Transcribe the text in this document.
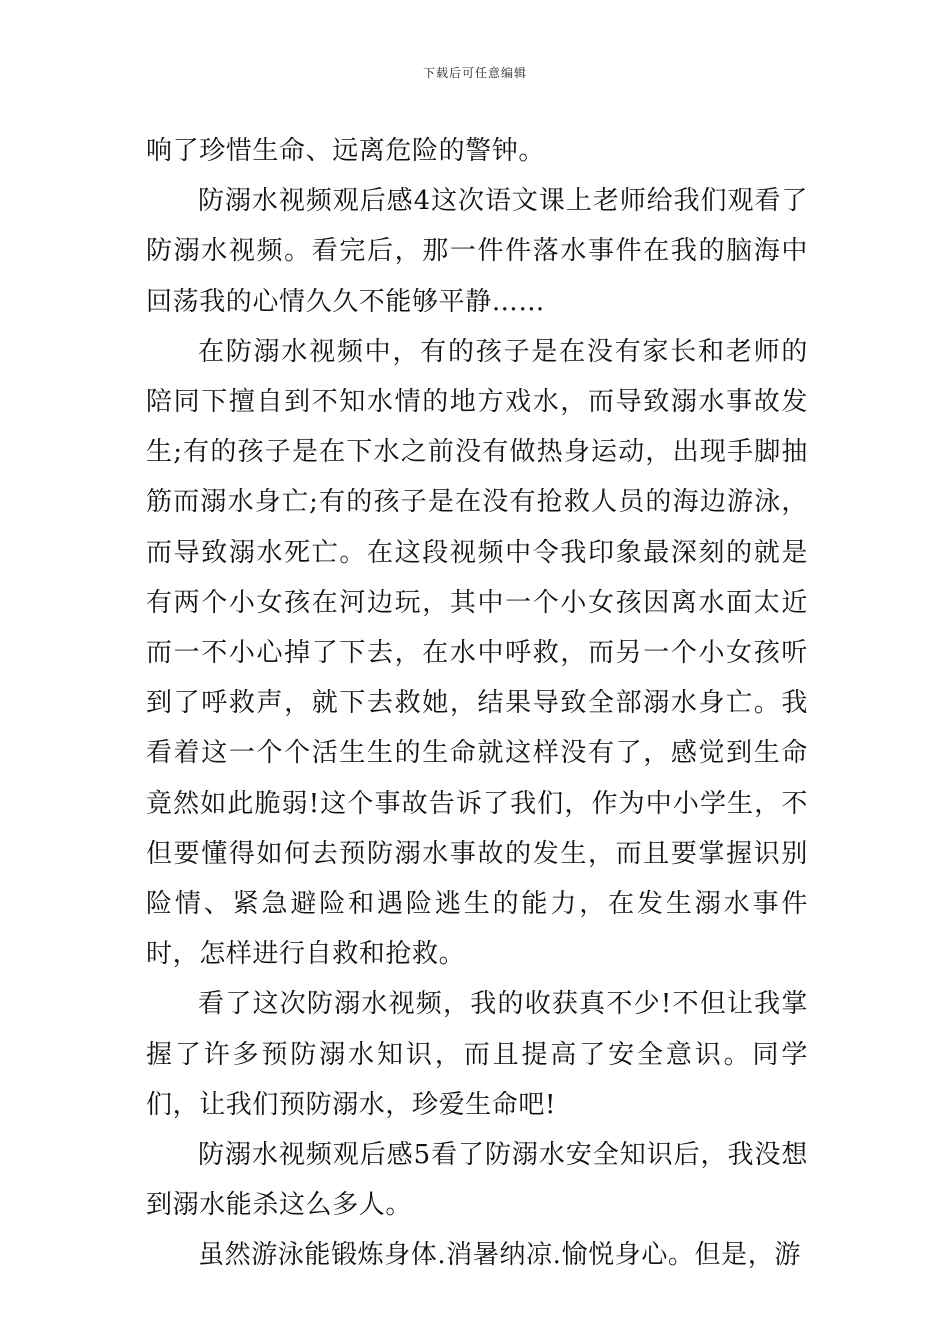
下载后可任意编辑

响了珍惜生命、远离危险的警钟。

防溺水视频观后感4这次语文课上老师给我们观看了防溺水视频。看完后，那一件件落水事件在我的脑海中回荡我的心情久久不能够平静……

在防溺水视频中，有的孩子是在没有家长和老师的陪同下擅自到不知水情的地方戏水，而导致溺水事故发生;有的孩子是在下水之前没有做热身运动，出现手脚抽筋而溺水身亡;有的孩子是在没有抢救人员的海边游泳，而导致溺水死亡。在这段视频中令我印象最深刻的就是有两个小女孩在河边玩，其中一个小女孩因离水面太近而一不小心掉了下去，在水中呼救，而另一个小女孩听到了呼救声，就下去救她，结果导致全部溺水身亡。我看着这一个个活生生的生命就这样没有了，感觉到生命竟然如此脆弱!这个事故告诉了我们，作为中小学生，不但要懂得如何去预防溺水事故的发生，而且要掌握识别险情、紧急避险和遇险逃生的能力，在发生溺水事件时，怎样进行自救和抢救。

看了这次防溺水视频，我的收获真不少!不但让我掌握了许多预防溺水知识，而且提高了安全意识。同学们，让我们预防溺水，珍爱生命吧!

防溺水视频观后感5看了防溺水安全知识后，我没想到溺水能杀这么多人。

虽然游泳能锻炼身体.消暑纳凉.愉悦身心。但是，游
